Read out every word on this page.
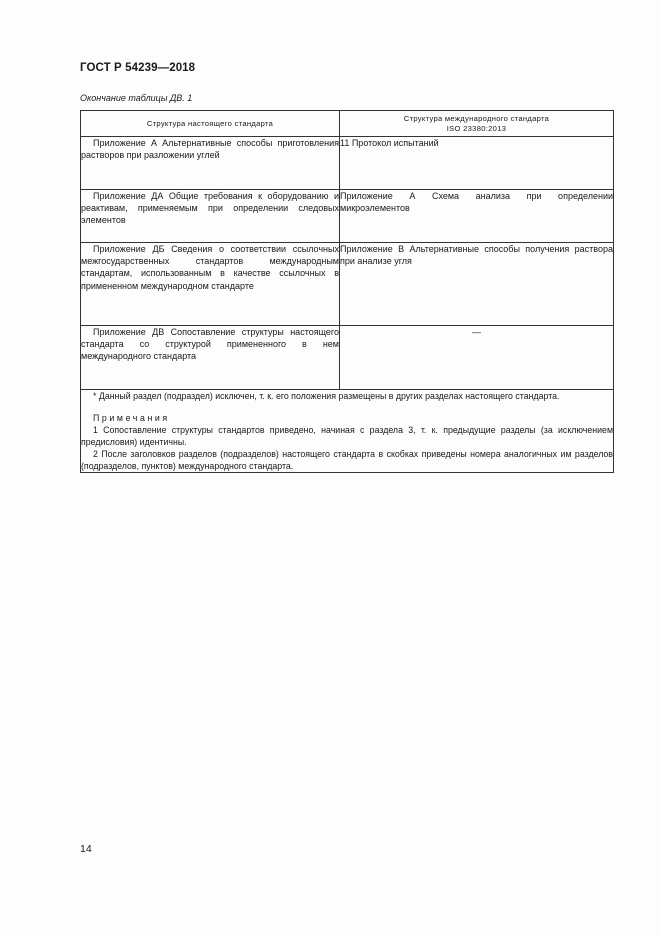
ГОСТ Р 54239—2018
Окончание таблицы ДВ. 1
Структура настоящего стандарта	Структура международного стандарта
ISO 23380:2013

Приложение А Альтернативные способы приготовления растворов при разложении углей	11 Протокол испытаний
Приложение ДА Общие требования к оборудованию и реактивам, применяемым при определении следовых элементов	Приложение А Схема анализа при определении микроэлементов
Приложение ДБ Сведения о соответствии ссылочных межгосударственных стандартов международным стандартам, использованным в качестве ссылочных в примененном международном стандарте	Приложение В Альтернативные способы получения раствора при анализе угля
Приложение ДВ Сопоставление структуры настоящего стандарта со структурой примененного в нем международного стандарта	—

* Данный раздел (подраздел) исключен, т. к. его положения размещены в других разделах настоящего стандарта.

Примечания

1 Сопоставление структуры стандартов приведено, начиная с раздела 3, т. к. предыдущие разделы (за исключением предисловия) идентичны.

2 После заголовков разделов (подразделов) настоящего стандарта в скобках приведены номера аналогичных им разделов (подразделов, пунктов) международного стандарта.	

14
